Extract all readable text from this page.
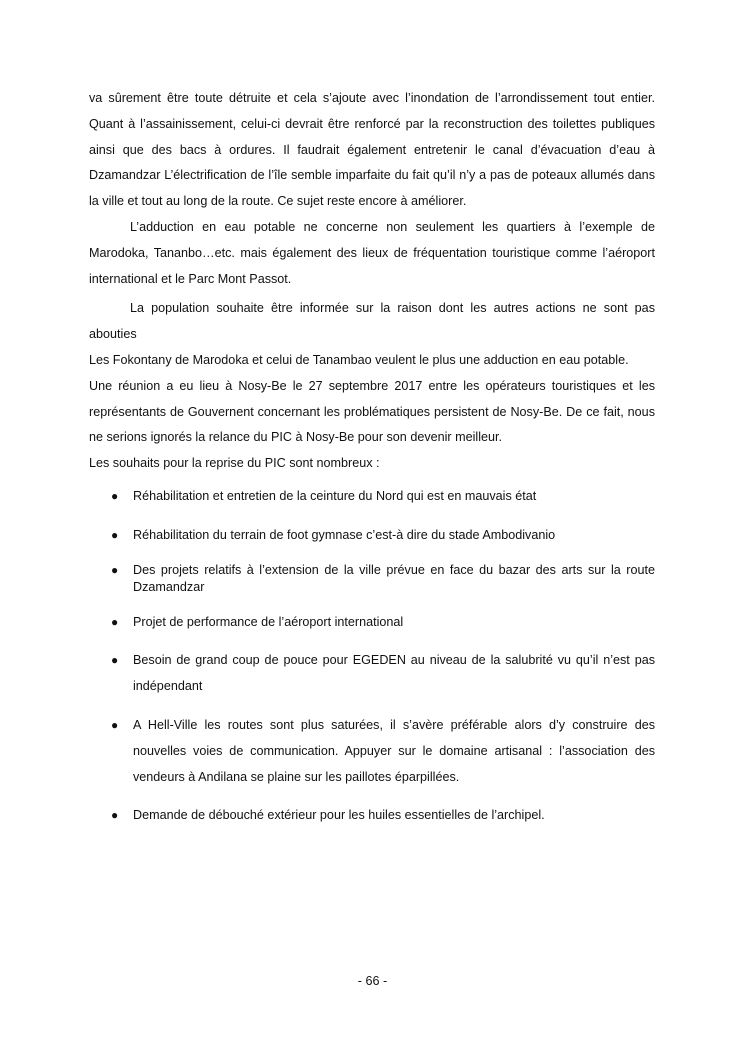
va sûrement être toute détruite et cela s’ajoute avec l’inondation de l’arrondissement tout entier. Quant à l’assainissement, celui-ci devrait être renforcé par la reconstruction des toilettes publiques ainsi que des bacs à ordures. Il faudrait également entretenir le canal d’évacuation d’eau à Dzamandzar L’électrification de l’île semble imparfaite du fait qu’il n’y a pas de poteaux allumés dans la ville et tout au long de la route. Ce sujet reste encore à améliorer.

L’adduction en eau potable ne concerne non seulement les quartiers à l’exemple de Marodoka, Tananbo…etc. mais également des lieux de fréquentation touristique comme l’aéroport international et le Parc Mont Passot.

La population souhaite être informée sur la raison dont les autres actions ne sont pas abouties

Les Fokontany de Marodoka et celui de Tanambao veulent le plus une adduction en eau potable.

Une réunion a eu lieu à Nosy-Be le 27 septembre 2017 entre les opérateurs touristiques et les représentants de Gouvernent concernant les problématiques persistent de Nosy-Be. De ce fait, nous ne serions ignorés la relance du PIC à Nosy-Be pour son devenir meilleur.

Les souhaits pour la reprise du PIC sont nombreux :

● Réhabilitation et entretien de la ceinture du Nord qui est en mauvais état
● Réhabilitation du terrain de foot gymnase c’est-à dire du stade Ambodivanio
● Des projets relatifs à l’extension de la ville prévue en face du bazar des arts sur la route Dzamandzar
● Projet de performance de l’aéroport international
● Besoin de grand coup de pouce pour EGEDEN au niveau de la salubrité vu qu’il n’est pas indépendant
● A Hell-Ville les routes sont plus saturées, il s’avère préférable alors d’y construire des nouvelles voies de communication. Appuyer sur le domaine artisanal : l’association des vendeurs à Andilana se plaine sur les paillotes éparpillées.
● Demande de débouché extérieur pour les huiles essentielles de l’archipel.
- 66 -
